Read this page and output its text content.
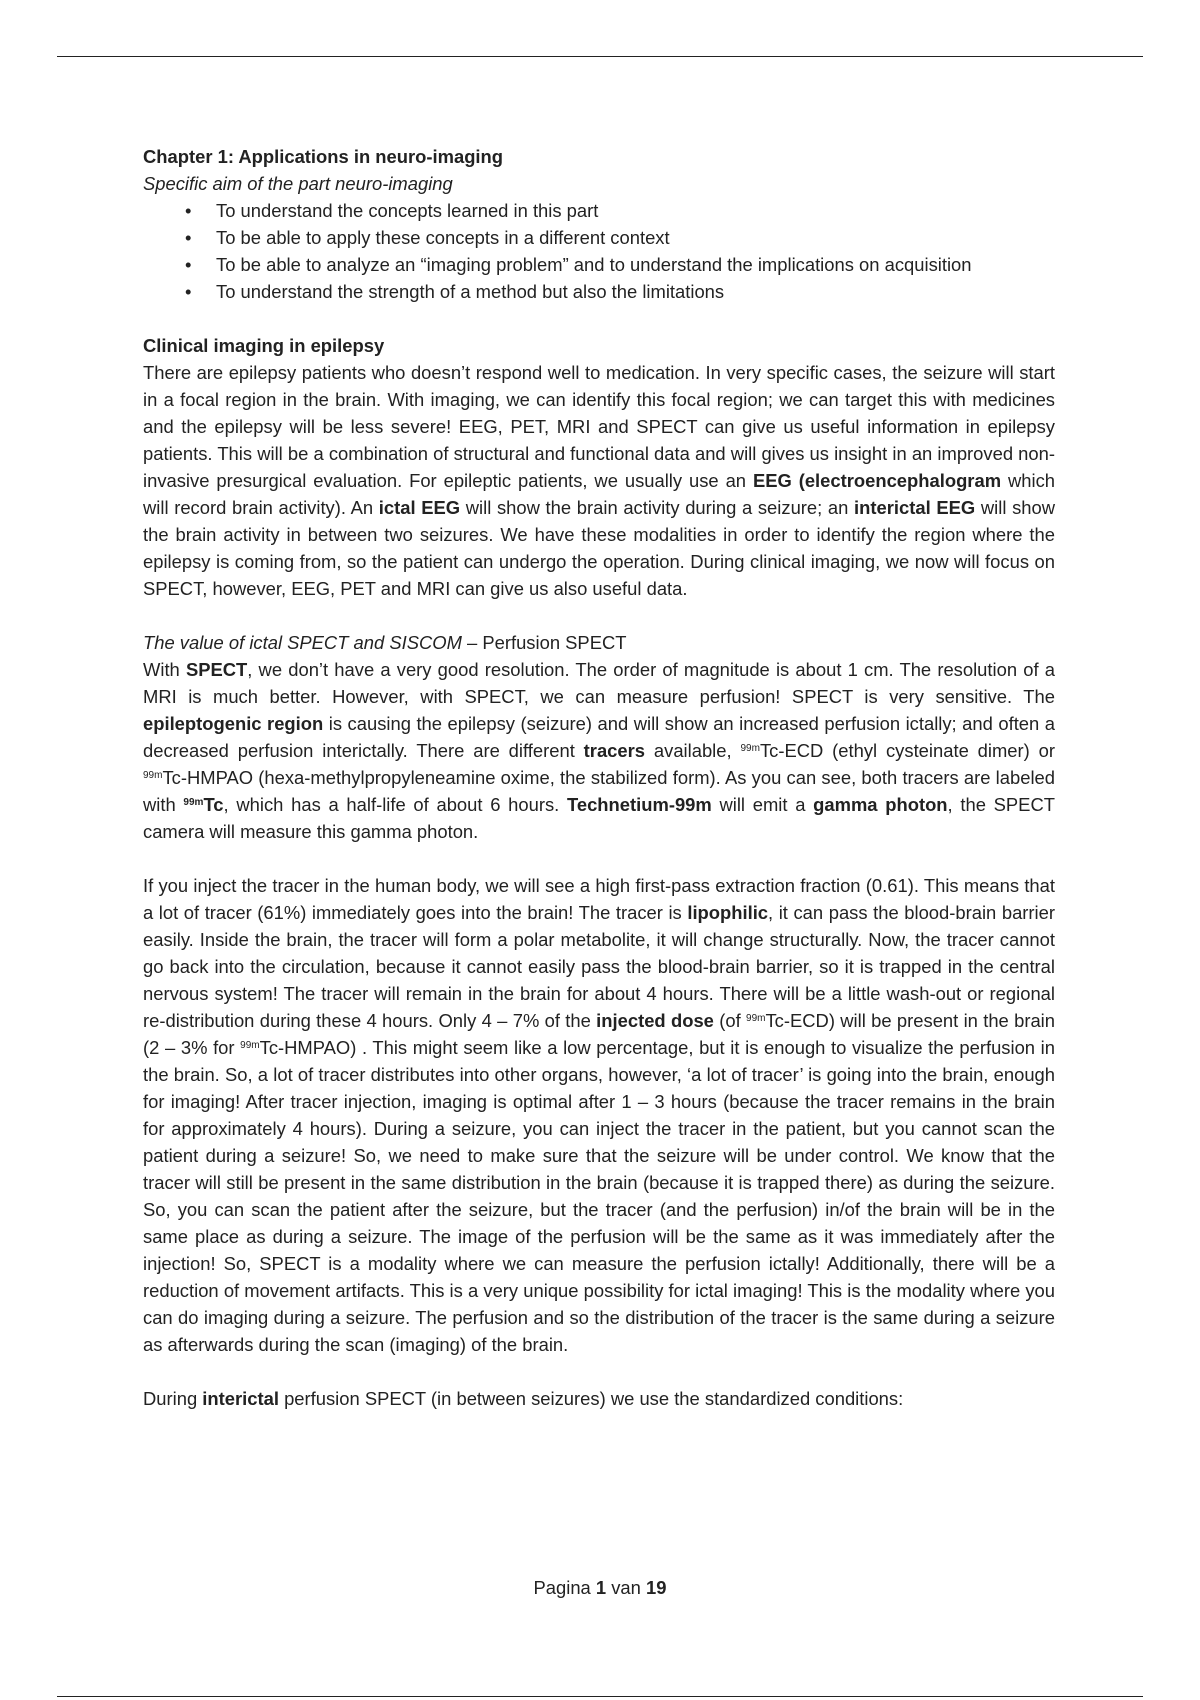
Chapter 1: Applications in neuro-imaging

Specific aim of the part neuro-imaging

• To understand the concepts learned in this part
• To be able to apply these concepts in a different context
• To be able to analyze an “imaging problem” and to understand the implications on acquisition
• To understand the strength of a method but also the limitations

Clinical imaging in epilepsy

There are epilepsy patients who doesn’t respond well to medication. In very specific cases, the seizure will start in a focal region in the brain. With imaging, we can identify this focal region; we can target this with medicines and the epilepsy will be less severe! EEG, PET, MRI and SPECT can give us useful information in epilepsy patients. This will be a combination of structural and functional data and will gives us insight in an improved non-invasive presurgical evaluation. For epileptic patients, we usually use an EEG (electroencephalogram which will record brain activity). An ictal EEG will show the brain activity during a seizure; an interictal EEG will show the brain activity in between two seizures. We have these modalities in order to identify the region where the epilepsy is coming from, so the patient can undergo the operation. During clinical imaging, we now will focus on SPECT, however, EEG, PET and MRI can give us also useful data.

The value of ictal SPECT and SISCOM – Perfusion SPECT

With SPECT, we don’t have a very good resolution. The order of magnitude is about 1 cm. The resolution of a MRI is much better. However, with SPECT, we can measure perfusion! SPECT is very sensitive. The epileptogenic region is causing the epilepsy (seizure) and will show an increased perfusion ictally; and often a decreased perfusion interictally. There are different tracers available, $^{99m}$Tc-ECD (ethyl cysteinate dimer) or $^{99m}$Tc-HMPAO (hexa-methylpropyleneamine oxime, the stabilized form). As you can see, both tracers are labeled with $^{99m}$Tc, which has a half-life of about 6 hours. Technetium-99m will emit a gamma photon, the SPECT camera will measure this gamma photon.

If you inject the tracer in the human body, we will see a high first-pass extraction fraction (0.61). This means that a lot of tracer (61%) immediately goes into the brain! The tracer is lipophilic, it can pass the blood-brain barrier easily. Inside the brain, the tracer will form a polar metabolite, it will change structurally. Now, the tracer cannot go back into the circulation, because it cannot easily pass the blood-brain barrier, so it is trapped in the central nervous system! The tracer will remain in the brain for about 4 hours. There will be a little wash-out or regional re-distribution during these 4 hours. Only 4 – 7% of the injected dose (of $^{99m}$Tc-ECD) will be present in the brain (2 – 3% for $^{99m}$Tc-HMPAO) . This might seem like a low percentage, but it is enough to visualize the perfusion in the brain. So, a lot of tracer distributes into other organs, however, ‘a lot of tracer’ is going into the brain, enough for imaging! After tracer injection, imaging is optimal after 1 – 3 hours (because the tracer remains in the brain for approximately 4 hours). During a seizure, you can inject the tracer in the patient, but you cannot scan the patient during a seizure! So, we need to make sure that the seizure will be under control. We know that the tracer will still be present in the same distribution in the brain (because it is trapped there) as during the seizure. So, you can scan the patient after the seizure, but the tracer (and the perfusion) in/of the brain will be in the same place as during a seizure. The image of the perfusion will be the same as it was immediately after the injection! So, SPECT is a modality where we can measure the perfusion ictally! Additionally, there will be a reduction of movement artifacts. This is a very unique possibility for ictal imaging! This is the modality where you can do imaging during a seizure. The perfusion and so the distribution of the tracer is the same during a seizure as afterwards during the scan (imaging) of the brain.

During interictal perfusion SPECT (in between seizures) we use the standardized conditions:

Pagina 1 van 19
